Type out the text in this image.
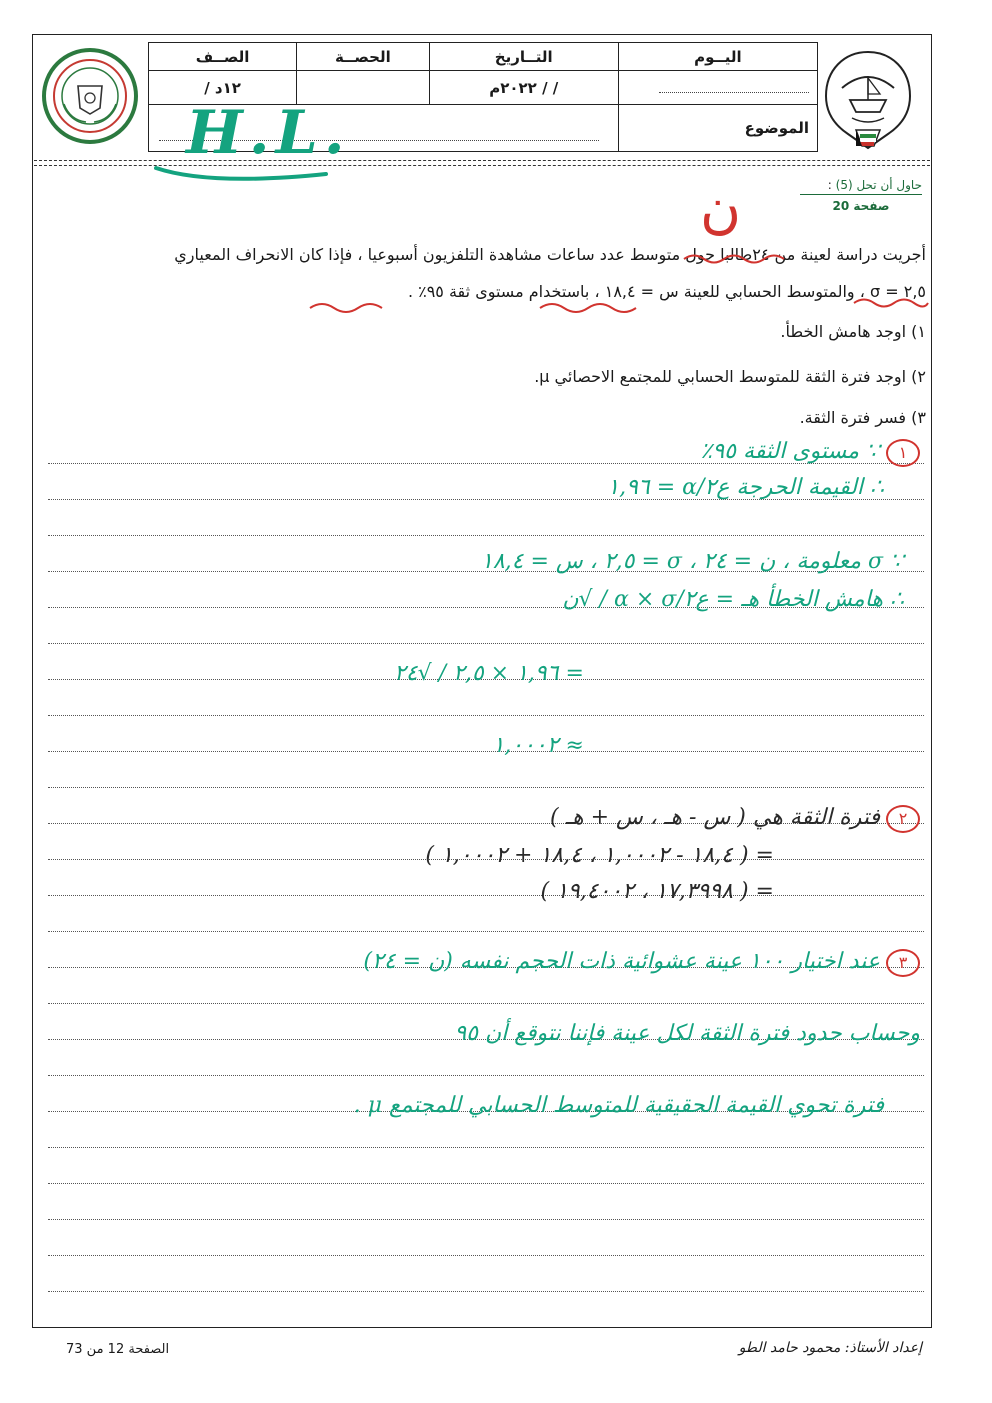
اليــوم	التــاريخ	الحصــة	الصــف
	/ / ٢٠٢٢م		١٢د /
الموضوع			
H.L.
حاول أن تحل (5) :
صفحة 20
ن
أجريت دراسة لعينة من ٢٤طالبا حول متوسط عدد ساعات مشاهدة التلفزيون أسبوعيا ، فإذا كان الانحراف المعياري
٢,٥ = σ ، والمتوسط الحسابي للعينة س = ١٨,٤ ، باستخدام مستوى ثقة ٩٥٪ .
١) اوجد هامش الخطأ.
٢) اوجد فترة الثقة للمتوسط الحسابي للمجتمع الاحصائي μ.
٣) فسر فترة الثقة.
١∵ مستوى الثقة ٩٥٪
∴ القيمة الحرجة ع٢/α = ١,٩٦
∵ σ معلومة ، ن = ٢٤ ، σ = ٢,٥ ، س = ١٨,٤
∴ هامش الخطأ هـ = ع٢/α × σ / √ن
= ١,٩٦ × ٢,٥ / √٢٤
≈ ١,٠٠٠٢
٢فترة الثقة هي ( س - هـ ، س + هـ )
= ( ١٨,٤ - ١,٠٠٠٢ ، ١٨,٤ + ١,٠٠٠٢ )
= ( ١٧,٣٩٩٨ ، ١٩,٤٠٠٢ )
٣عند اختيار ١٠٠ عينة عشوائية ذات الحجم نفسه (ن = ٢٤)
وحساب حدود فترة الثقة لكل عينة فإننا نتوقع أن ٩٥
فترة تحوي القيمة الحقيقية للمتوسط الحسابي للمجتمع μ .
الصفحة 12 من 73	إعداد الأستاذ: محمود حامد الطو
